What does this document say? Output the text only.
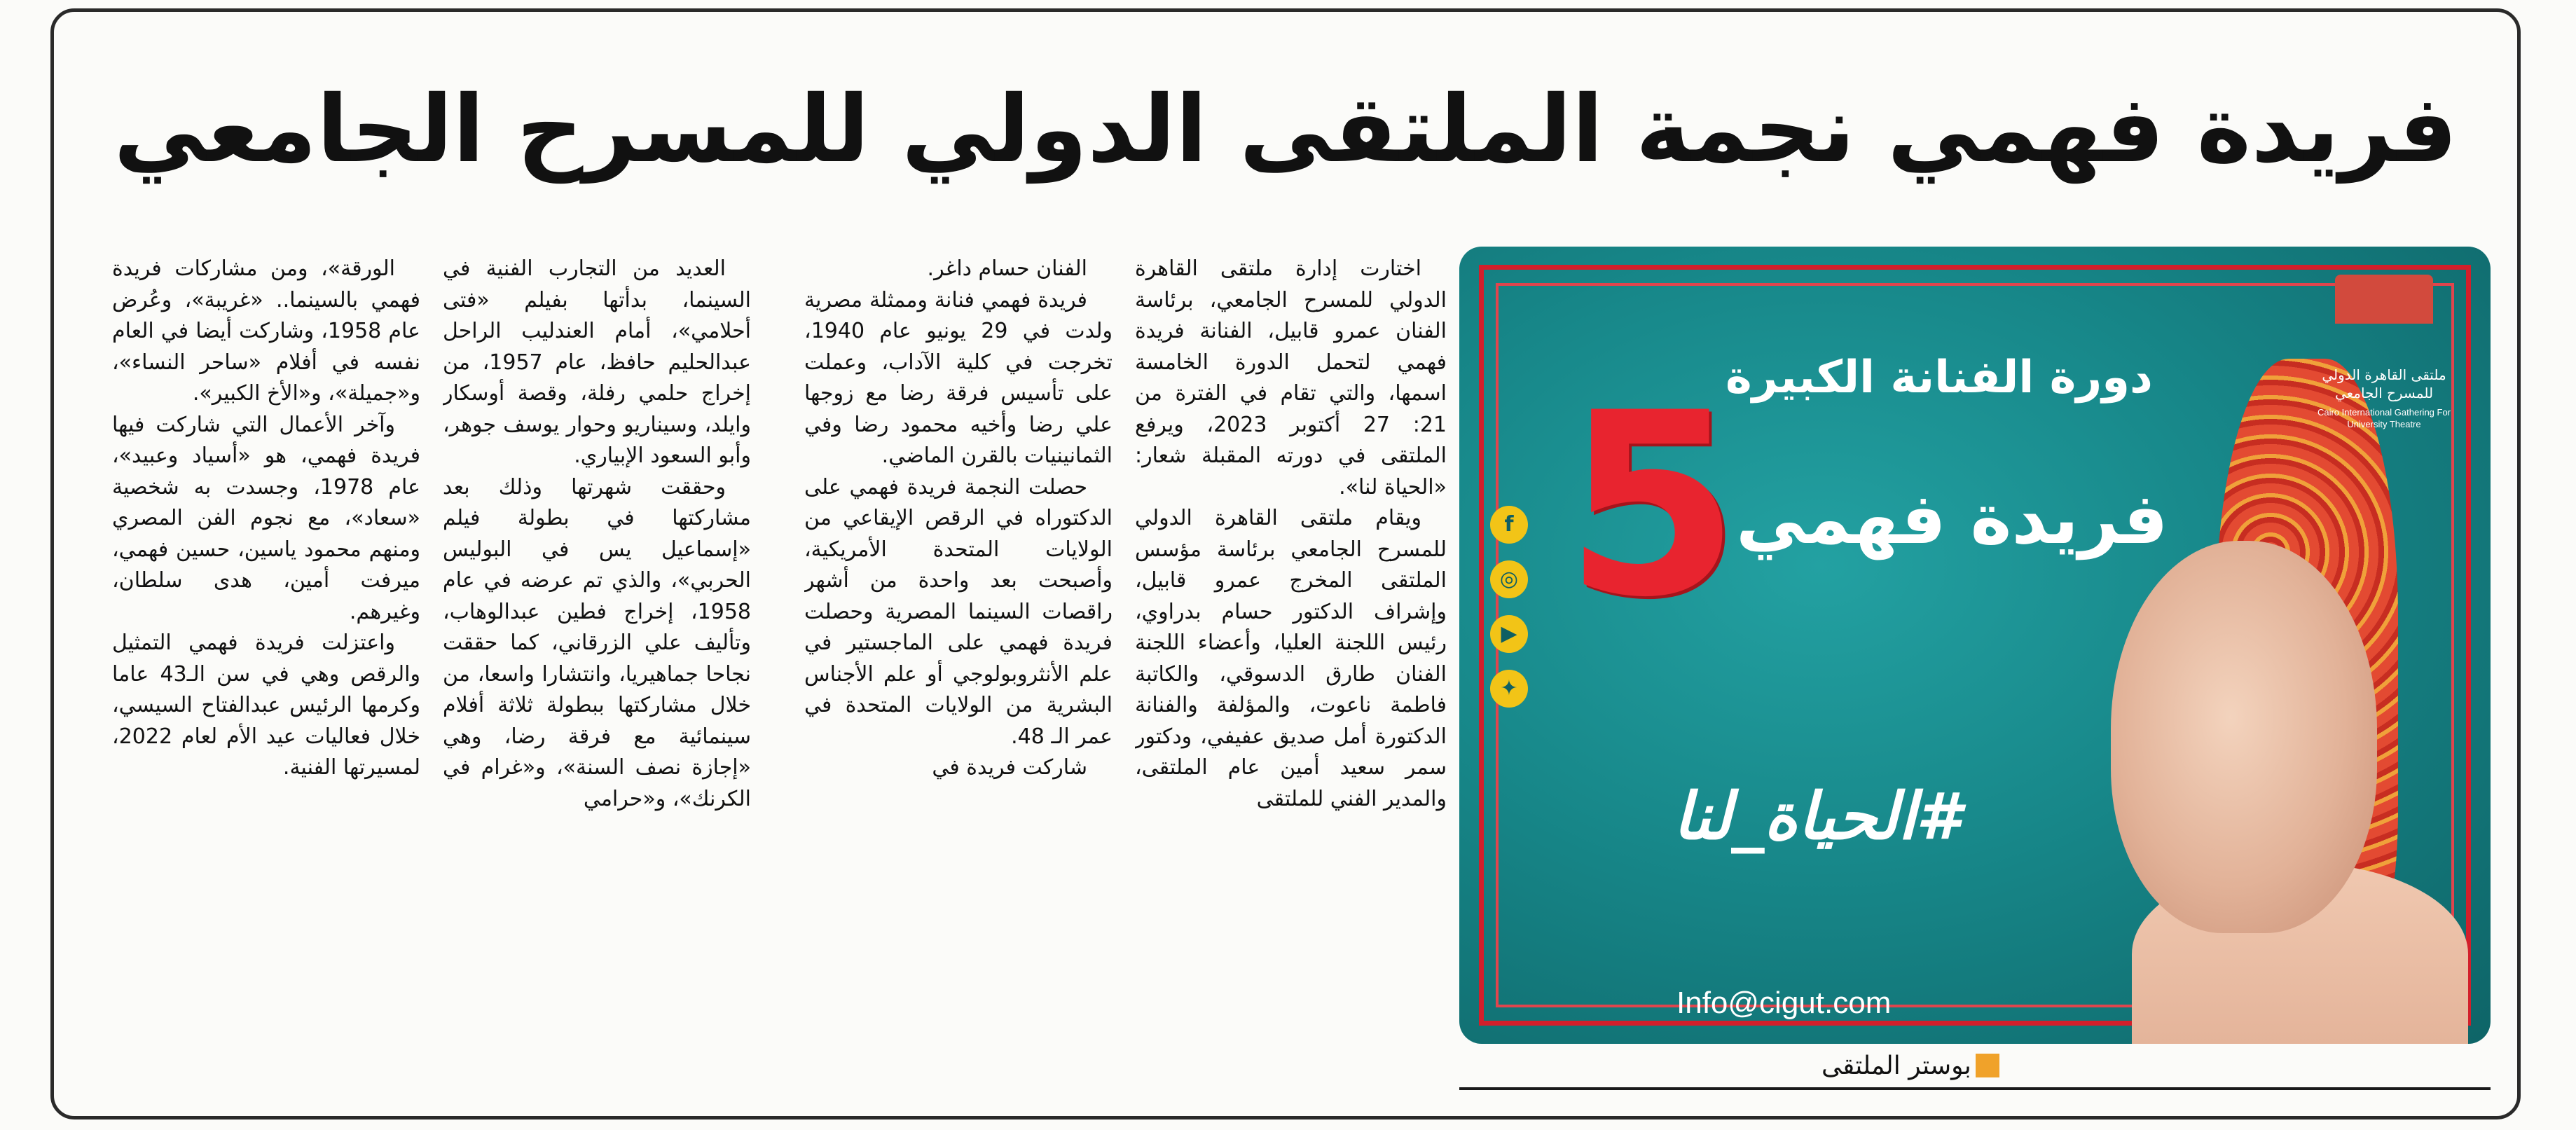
فريدة فهمي نجمة الملتقى الدولي للمسرح الجامعي

اختارت إدارة ملتقى القاهرة الدولي للمسرح الجامعي، برئاسة الفنان عمرو قابيل، الفنانة فريدة فهمي لتحمل الدورة الخامسة اسمها، والتي تقام في الفترة من 21: 27 أكتوبر 2023، ويرفع الملتقى في دورته المقبلة شعار: «الحياة لنا».

ويقام ملتقى القاهرة الدولي للمسرح الجامعي برئاسة مؤسس الملتقى المخرج عمرو قابيل، وإشراف الدكتور حسام بدراوي، رئيس اللجنة العليا، وأعضاء اللجنة الفنان طارق الدسوقي، والكاتبة فاطمة ناعوت، والمؤلفة والفنانة الدكتورة أمل صديق عفيفي، ودكتور سمر سعيد أمين عام الملتقى، والمدير الفني للملتقى

الفنان حسام داغر.

فريدة فهمي فنانة وممثلة مصرية ولدت في 29 يونيو عام 1940، تخرجت في كلية الآداب، وعملت على تأسيس فرقة رضا مع زوجها علي رضا وأخيه محمود رضا وفي الثمانينيات بالقرن الماضي.

حصلت النجمة فريدة فهمي على الدكتوراه في الرقص الإيقاعي من الولايات المتحدة الأمريكية، وأصبحت بعد واحدة من أشهر راقصات السينما المصرية وحصلت فريدة فهمي على الماجستير في علم الأنثروبولوجي أو علم الأجناس البشرية من الولايات المتحدة في عمر الـ 48.

شاركت فريدة في

العديد من التجارب الفنية في السينما، بدأتها بفيلم «فتى أحلامي»، أمام العندليب الراحل عبدالحليم حافظ، عام 1957، من إخراج حلمي رفلة، وقصة أوسكار وايلد، وسيناريو وحوار يوسف جوهر، وأبو السعود الإبياري.

وحققت شهرتها وذلك بعد مشاركتها في بطولة فيلم «إسماعيل يس في البوليس الحربي»، والذي تم عرضه في عام 1958، إخراج فطين عبدالوهاب، وتأليف علي الزرقاني، كما حققت نجاحا جماهيريا، وانتشارا واسعا، من خلال مشاركتها ببطولة ثلاثة أفلام سينمائية مع فرقة رضا، وهي «إجازة نصف السنة»، و«غرام في الكرنك»، و«حرامي

الورقة»، ومن مشاركات فريدة فهمي بالسينما.. «غريبة»، وعُرض عام 1958، وشاركت أيضا في العام نفسه في أفلام «ساحر النساء»، و«جميلة»، و«الأخ الكبير».

وآخر الأعمال التي شاركت فيها فريدة فهمي، هو «أسياد وعبيد»، عام 1978، وجسدت به شخصية «سعاد»، مع نجوم الفن المصري ومنهم محمود ياسين، حسين فهمي، ميرفت أمين، هدى سلطان، وغيرهم.

واعتزلت فريدة فهمي التمثيل والرقص وهي في سن الـ43 عاما وكرمها الرئيس عبدالفتاح السيسي، خلال فعاليات عيد الأم لعام 2022، لمسيرتها الفنية.

ملتقى القاهرة الدولي للمسرح الجامعي
Cairo International Gathering For University Theatre
دورة الفنانة الكبيرة
5
فريدة فهمي
f
◎
▶
✦
#الحياة_لنا
Info@cigut.com
بوستر الملتقى
